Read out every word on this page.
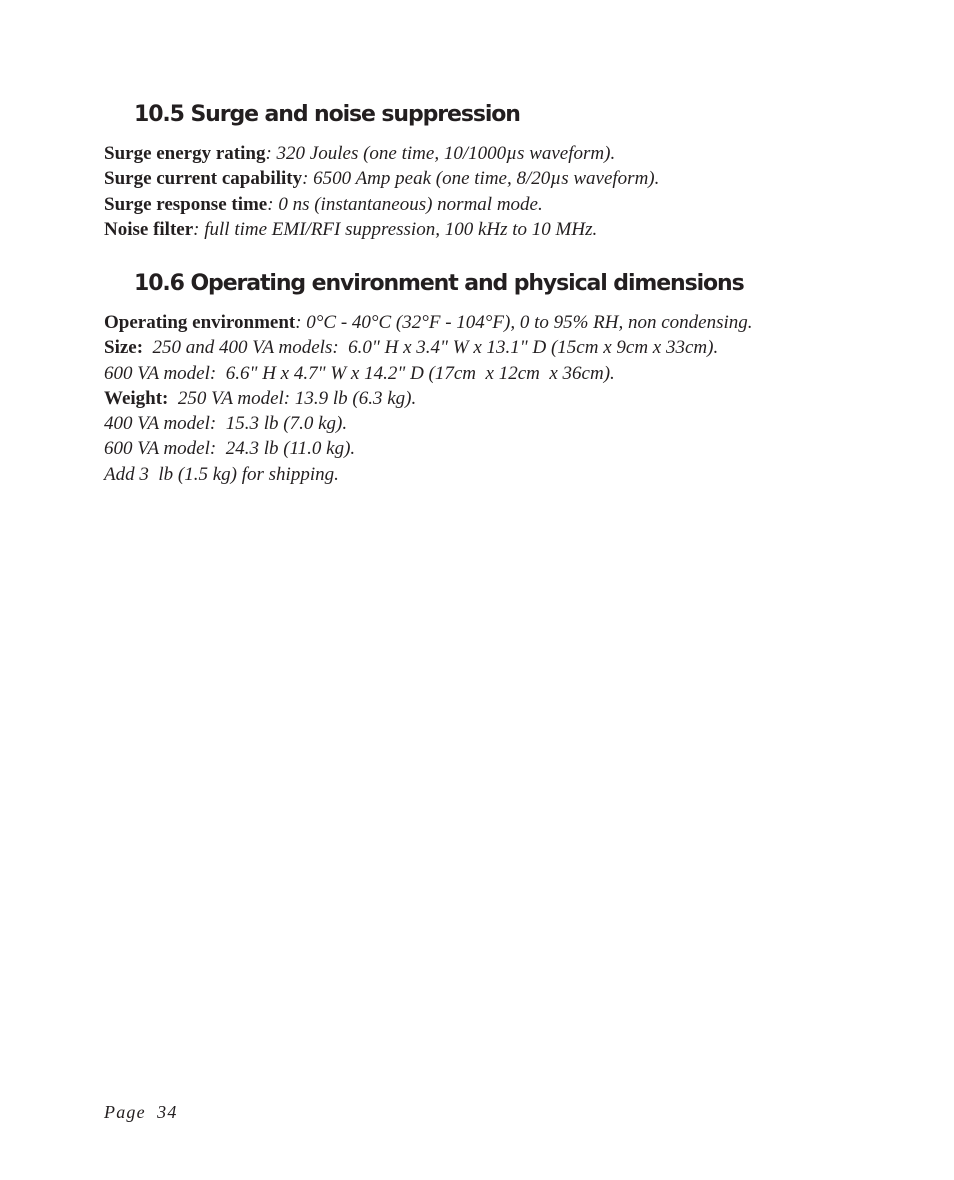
10.5 Surge and noise suppression
Surge energy rating: 320 Joules (one time, 10/1000µs waveform).
Surge current capability: 6500 Amp peak (one time, 8/20µs waveform).
Surge response time: 0 ns (instantaneous) normal mode.
Noise filter: full time EMI/RFI suppression, 100 kHz to 10 MHz.
10.6 Operating environment and physical dimensions
Operating environment: 0°C - 40°C (32°F - 104°F), 0 to 95% RH, non condensing.
Size:  250 and 400 VA models:  6.0" H x 3.4" W x 13.1" D (15cm x 9cm x 33cm).
600 VA model:  6.6" H x 4.7" W x 14.2" D (17cm  x 12cm  x 36cm).
Weight:  250 VA model: 13.9 lb (6.3 kg).
400 VA model:  15.3 lb (7.0 kg).
600 VA model:  24.3 lb (11.0 kg).
Add 3  lb (1.5 kg) for shipping.
Page  34
